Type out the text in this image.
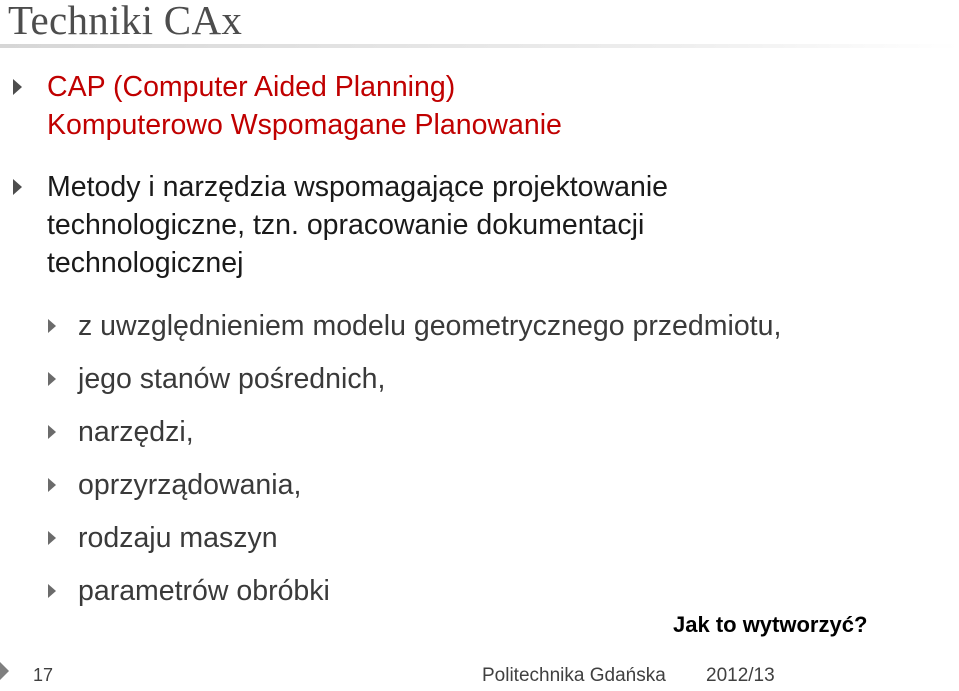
Techniki CAx
CAP (Computer Aided Planning)
Komputerowo Wspomagane Planowanie
Metody i narzędzia wspomagające projektowanie
technologiczne, tzn. opracowanie dokumentacji
technologicznej
z uwzględnieniem modelu geometrycznego przedmiotu,
jego stanów pośrednich,
narzędzi,
oprzyrządowania,
rodzaju maszyn
parametrów obróbki
Jak to wytworzyć?
17	Politechnika Gdańska 2012/13
